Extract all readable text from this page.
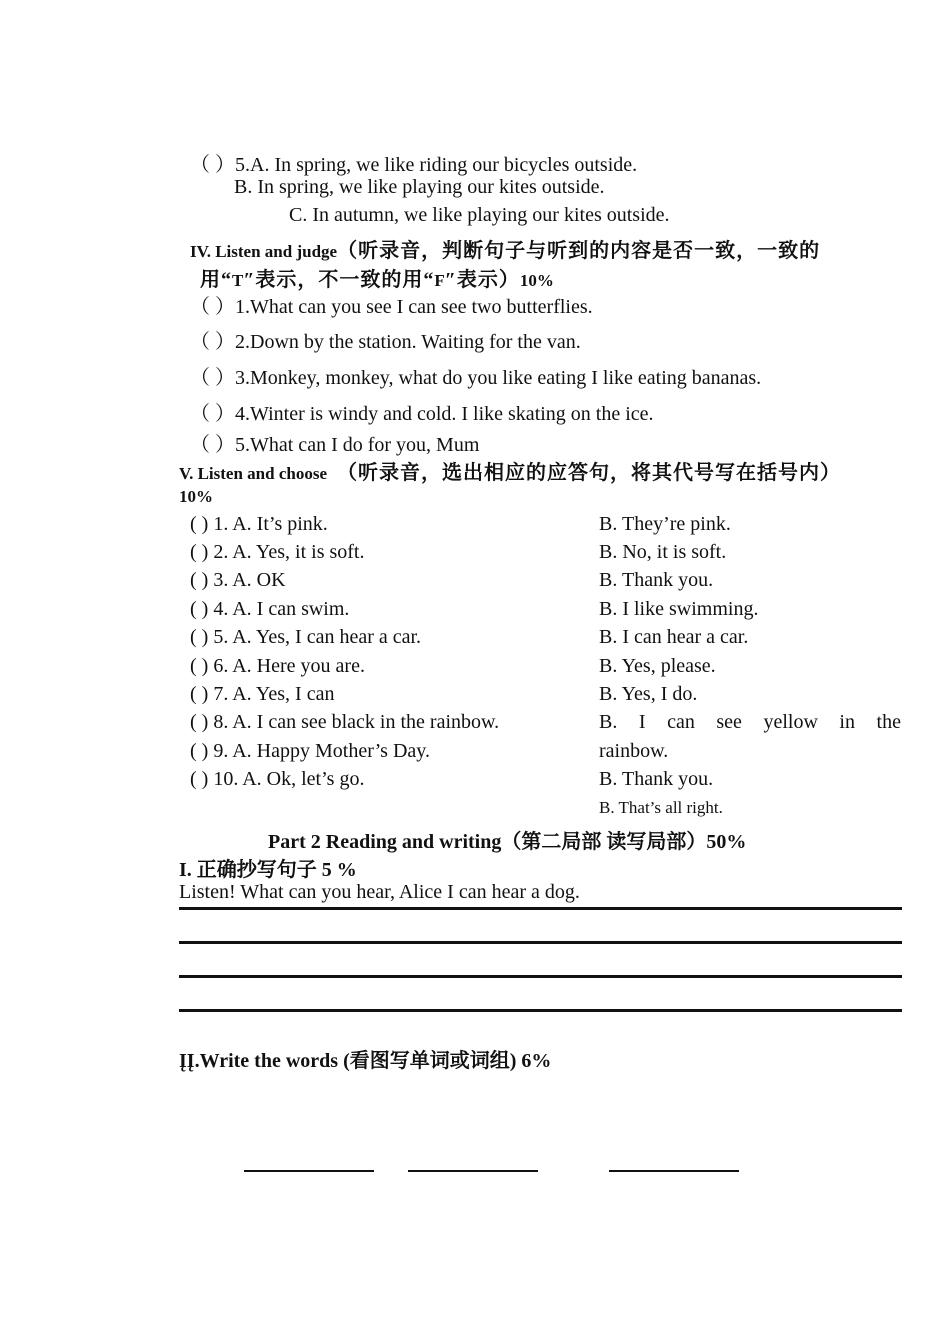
（ ）5.A. In spring, we like riding our bicycles outside.
B. In spring, we like playing our kites outside.
C. In autumn, we like playing our kites outside.
IV. Listen and judge（听录音，判断句子与听到的内容是否一致，一致的
用“T″表示，不一致的用“F″表示）10%
（ ）1.What can you see I can see two butterflies.
（ ）2.Down by the station. Waiting for the van.
（ ）3.Monkey, monkey, what do you like eating I like eating bananas.
（ ）4.Winter is windy and cold. I like skating on the ice.
（ ）5.What can I do for you, Mum
V. Listen and choose （听录音，选出相应的应答句，将其代号写在括号内）
10%
( ) 1. A. It’s pink.
( ) 2. A. Yes, it is soft.
( ) 3. A. OK
( ) 4. A. I can swim.
( ) 5. A. Yes, I can hear a car.
( ) 6. A. Here you are.
( ) 7. A. Yes, I can
( ) 8. A. I can see black in the rainbow.
( ) 9. A. Happy Mother’s Day.
( ) 10. A. Ok, let’s go.
B. They’re pink.
B. No, it is soft.
B. Thank you.
B. I like swimming.
B. I can hear a car.
B. Yes, please.
B. Yes, I do.
B. I can see yellow in the
rainbow.
B. Thank you.
B. That’s all right.
Part 2 Reading and writing（第二局部 读写局部）50%
I. 正确抄写句子 5 %
Listen! What can you hear, Alice I can hear a dog.
ĮĮ.Write the words (看图写单词或词组) 6%
